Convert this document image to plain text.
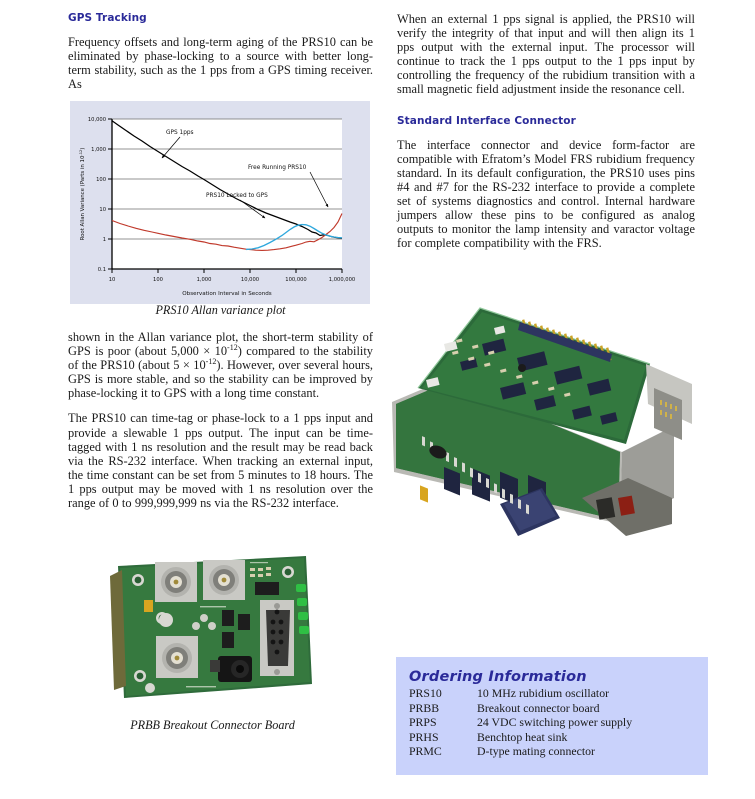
GPS Tracking

Frequency offsets and long-term aging of the PRS10 can be eliminated by phase-locking to a source with better long-term stability, such as the 1 pps from a GPS timing receiver. As

10,000
1,000
100
10
1
0.1
10	100	1,000	10,000	100,000	1,000,000
Observation Interval in Seconds
Root Allan Variance (Parts in $10^{-12}$)
GPS 1pps
Free Running PRS10
PRS10 Locked to GPS
PRS10 Allan variance plot

shown in the Allan variance plot, the short-term stability of GPS is poor (about $5,000 \times 10^{-12}$) compared to the stability of the PRS10 (about $5 \times 10^{-12}$). However, over several hours, GPS is more stable, and so the stability can be improved by phase-locking it to GPS with a long time constant.

The PRS10 can time-tag or phase-lock to a 1 pps input and provide a slewable 1 pps output. The input can be time-tagged with 1 ns resolution and the result may be read back via the RS-232 interface. When tracking an external input, the time constant can be set from 5 minutes to 18 hours. The 1 pps output may be moved with 1 ns resolution over the range of 0 to 999,999,999 ns via the RS-232 interface.

When an external 1 pps signal is applied, the PRS10 will verify the integrity of that input and will then align its 1 pps output with the external input. The processor will continue to track the 1 pps output to the 1 pps input by controlling the frequency of the rubidium transition with a small magnetic field adjustment inside the resonance cell.

Standard Interface Connector

The interface connector and device form-factor are compatible with Efratom’s Model FRS rubidium frequency standard. In its default configuration, the PRS10 uses pins #4 and #7 for the RS-232 interface to provide a complete set of systems diagnostics and control. Internal hardware jumpers allow these pins to be configured as analog outputs to monitor the lamp intensity and varactor voltage for complete compatibility with the FRS.

PRBB Breakout Connector Board
Ordering Information
PRS10	10 MHz rubidium oscillator
PRBB	Breakout connector board
PRPS	24 VDC switching power supply
PRHS	Benchtop heat sink
PRMC	D-type mating connector
